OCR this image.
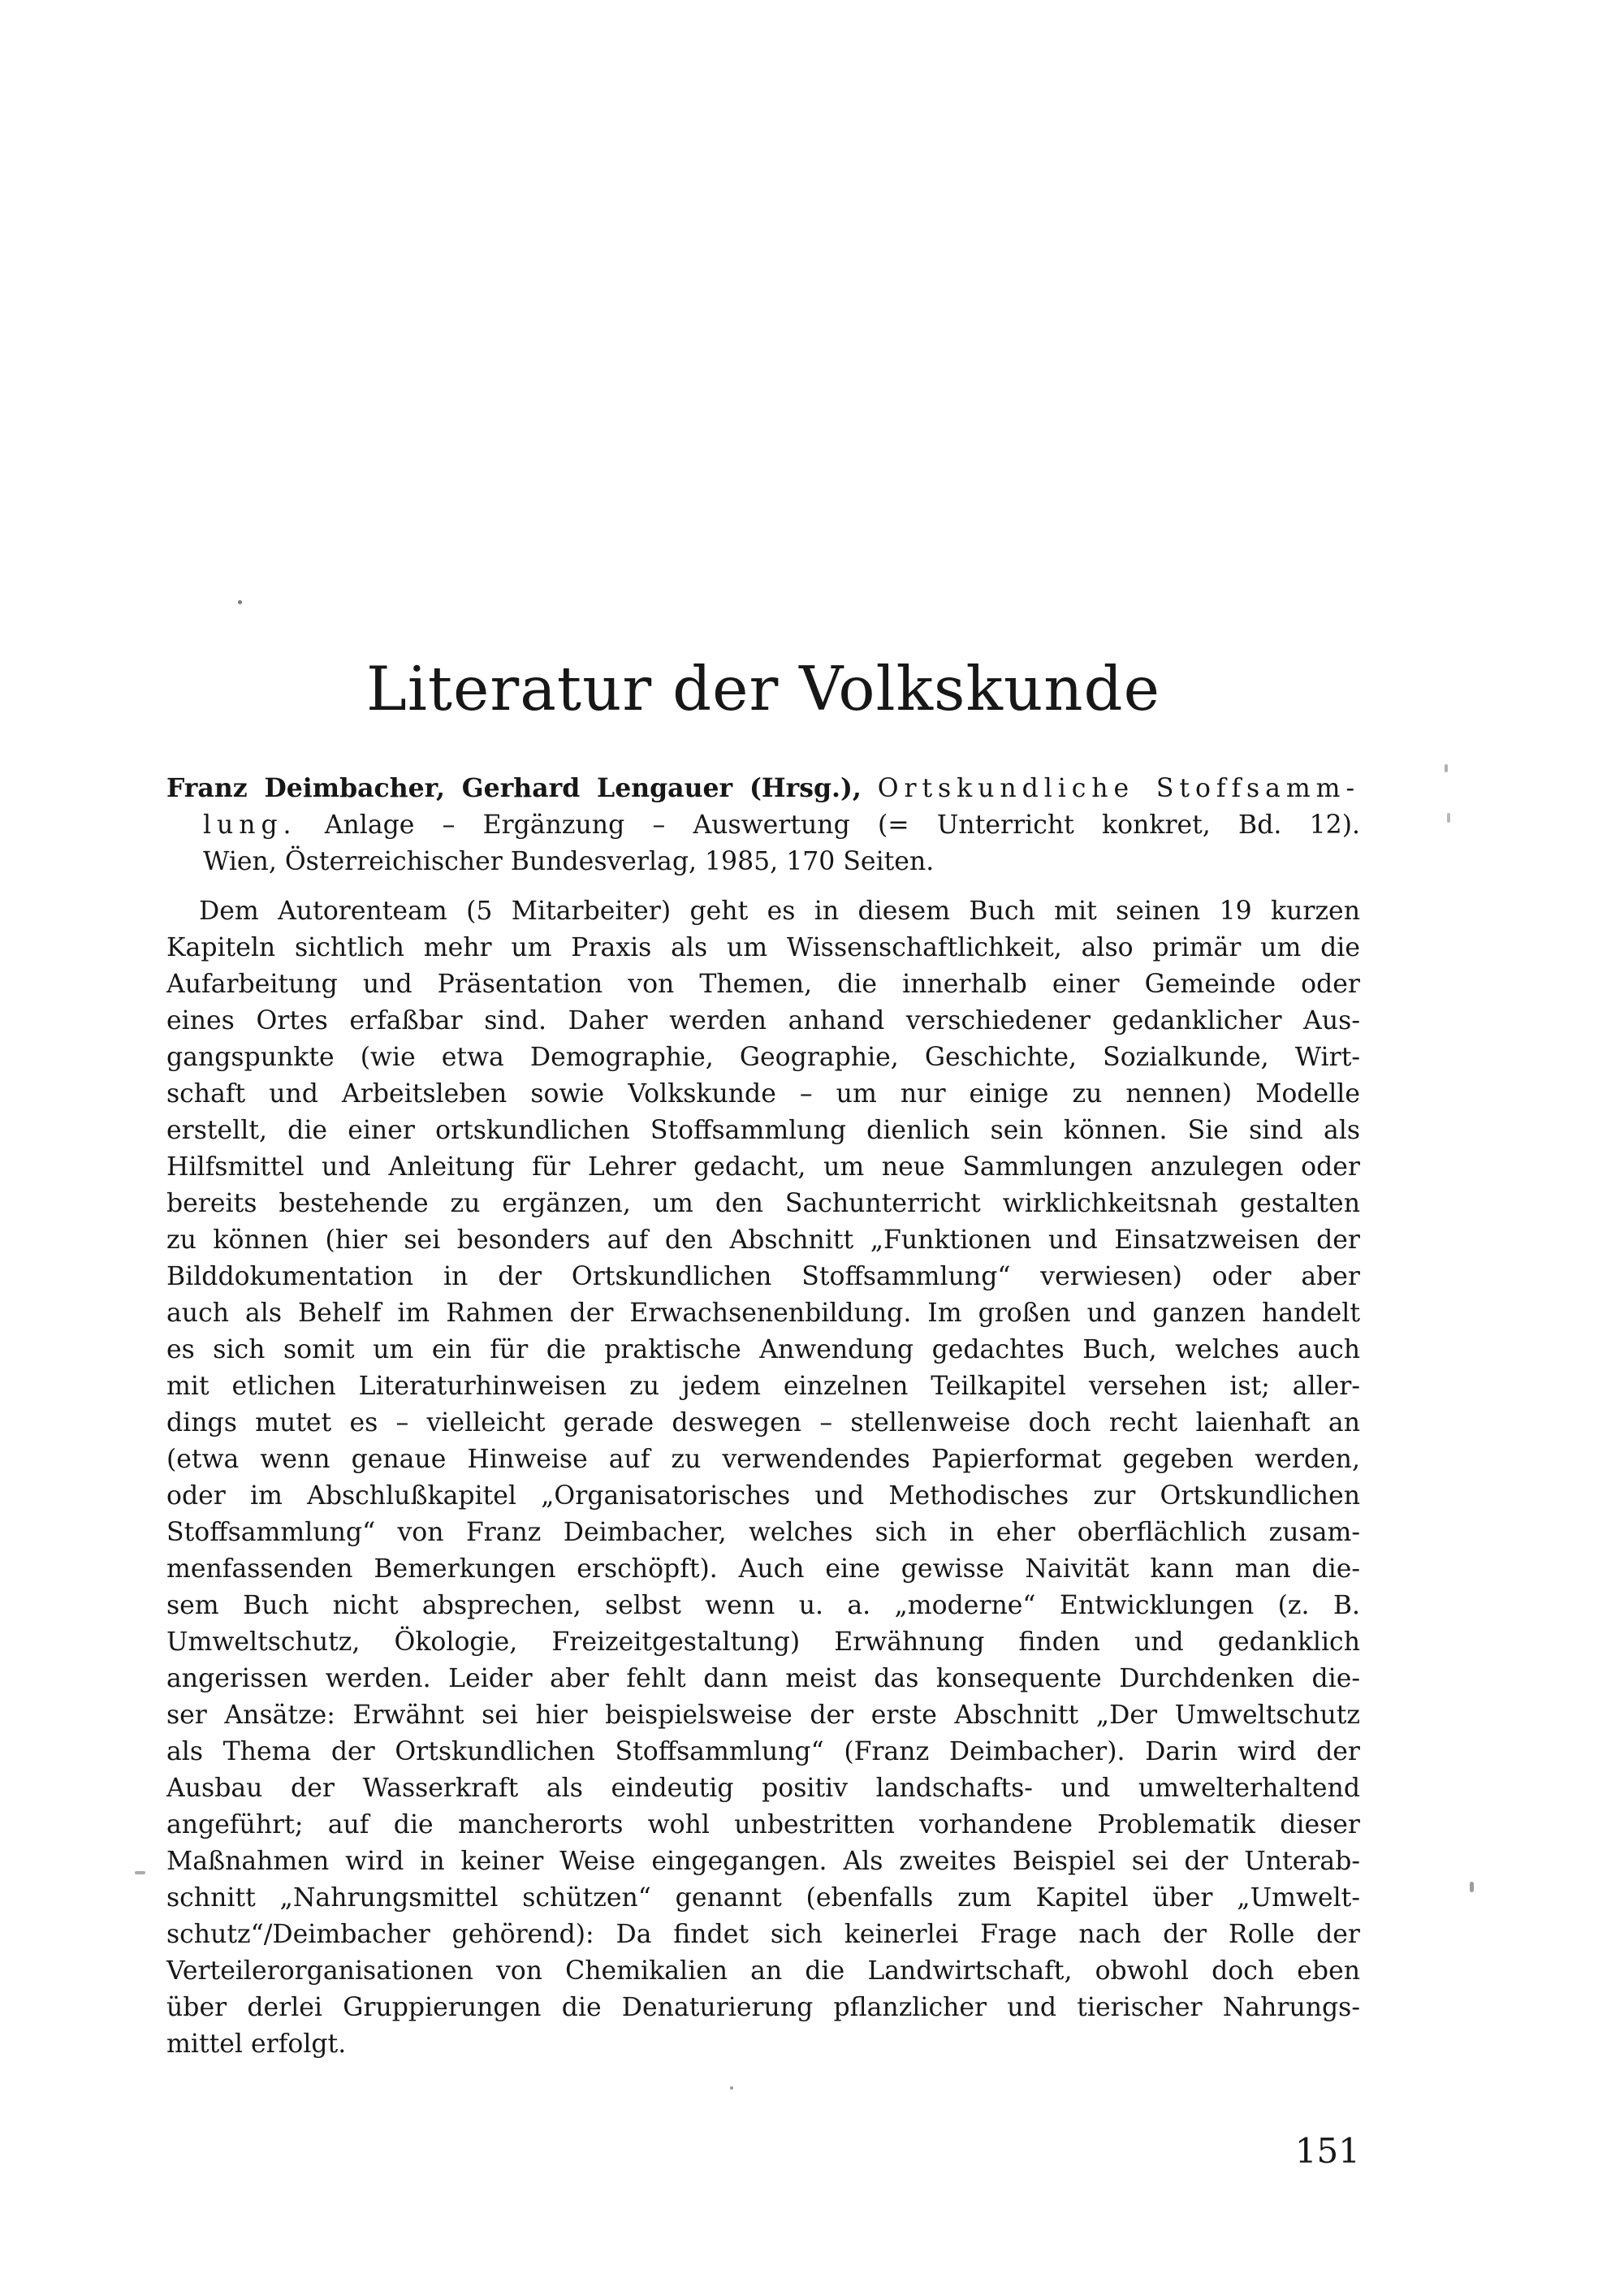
Literatur der Volkskunde
Franz Deimbacher, Gerhard Lengauer (Hrsg.), Ortskundliche Stoffsamm-
lung. Anlage – Ergänzung – Auswertung (= Unterricht konkret, Bd. 12).
Wien, Österreichischer Bundesverlag, 1985, 170 Seiten.
Dem Autorenteam (5 Mitarbeiter) geht es in diesem Buch mit seinen 19 kurzen
Kapiteln sichtlich mehr um Praxis als um Wissenschaftlichkeit, also primär um die
Aufarbeitung und Präsentation von Themen, die innerhalb einer Gemeinde oder
eines Ortes erfaßbar sind. Daher werden anhand verschiedener gedanklicher Aus-
gangspunkte (wie etwa Demographie, Geographie, Geschichte, Sozialkunde, Wirt-
schaft und Arbeitsleben sowie Volkskunde – um nur einige zu nennen) Modelle
erstellt, die einer ortskundlichen Stoffsammlung dienlich sein können. Sie sind als
Hilfsmittel und Anleitung für Lehrer gedacht, um neue Sammlungen anzulegen oder
bereits bestehende zu ergänzen, um den Sachunterricht wirklichkeitsnah gestalten
zu können (hier sei besonders auf den Abschnitt „Funktionen und Einsatzweisen der
Bilddokumentation in der Ortskundlichen Stoffsammlung“ verwiesen) oder aber
auch als Behelf im Rahmen der Erwachsenenbildung. Im großen und ganzen handelt
es sich somit um ein für die praktische Anwendung gedachtes Buch, welches auch
mit etlichen Literaturhinweisen zu jedem einzelnen Teilkapitel versehen ist; aller-
dings mutet es – vielleicht gerade deswegen – stellenweise doch recht laienhaft an
(etwa wenn genaue Hinweise auf zu verwendendes Papierformat gegeben werden,
oder im Abschlußkapitel „Organisatorisches und Methodisches zur Ortskundlichen
Stoffsammlung“ von Franz Deimbacher, welches sich in eher oberflächlich zusam-
menfassenden Bemerkungen erschöpft). Auch eine gewisse Naivität kann man die-
sem Buch nicht absprechen, selbst wenn u. a. „moderne“ Entwicklungen (z. B.
Umweltschutz, Ökologie, Freizeitgestaltung) Erwähnung finden und gedanklich
angerissen werden. Leider aber fehlt dann meist das konsequente Durchdenken die-
ser Ansätze: Erwähnt sei hier beispielsweise der erste Abschnitt „Der Umweltschutz
als Thema der Ortskundlichen Stoffsammlung“ (Franz Deimbacher). Darin wird der
Ausbau der Wasserkraft als eindeutig positiv landschafts- und umwelterhaltend
angeführt; auf die mancherorts wohl unbestritten vorhandene Problematik dieser
Maßnahmen wird in keiner Weise eingegangen. Als zweites Beispiel sei der Unterab-
schnitt „Nahrungsmittel schützen“ genannt (ebenfalls zum Kapitel über „Umwelt-
schutz“/Deimbacher gehörend): Da findet sich keinerlei Frage nach der Rolle der
Verteilerorganisationen von Chemikalien an die Landwirtschaft, obwohl doch eben
über derlei Gruppierungen die Denaturierung pflanzlicher und tierischer Nahrungs-
mittel erfolgt.
151
